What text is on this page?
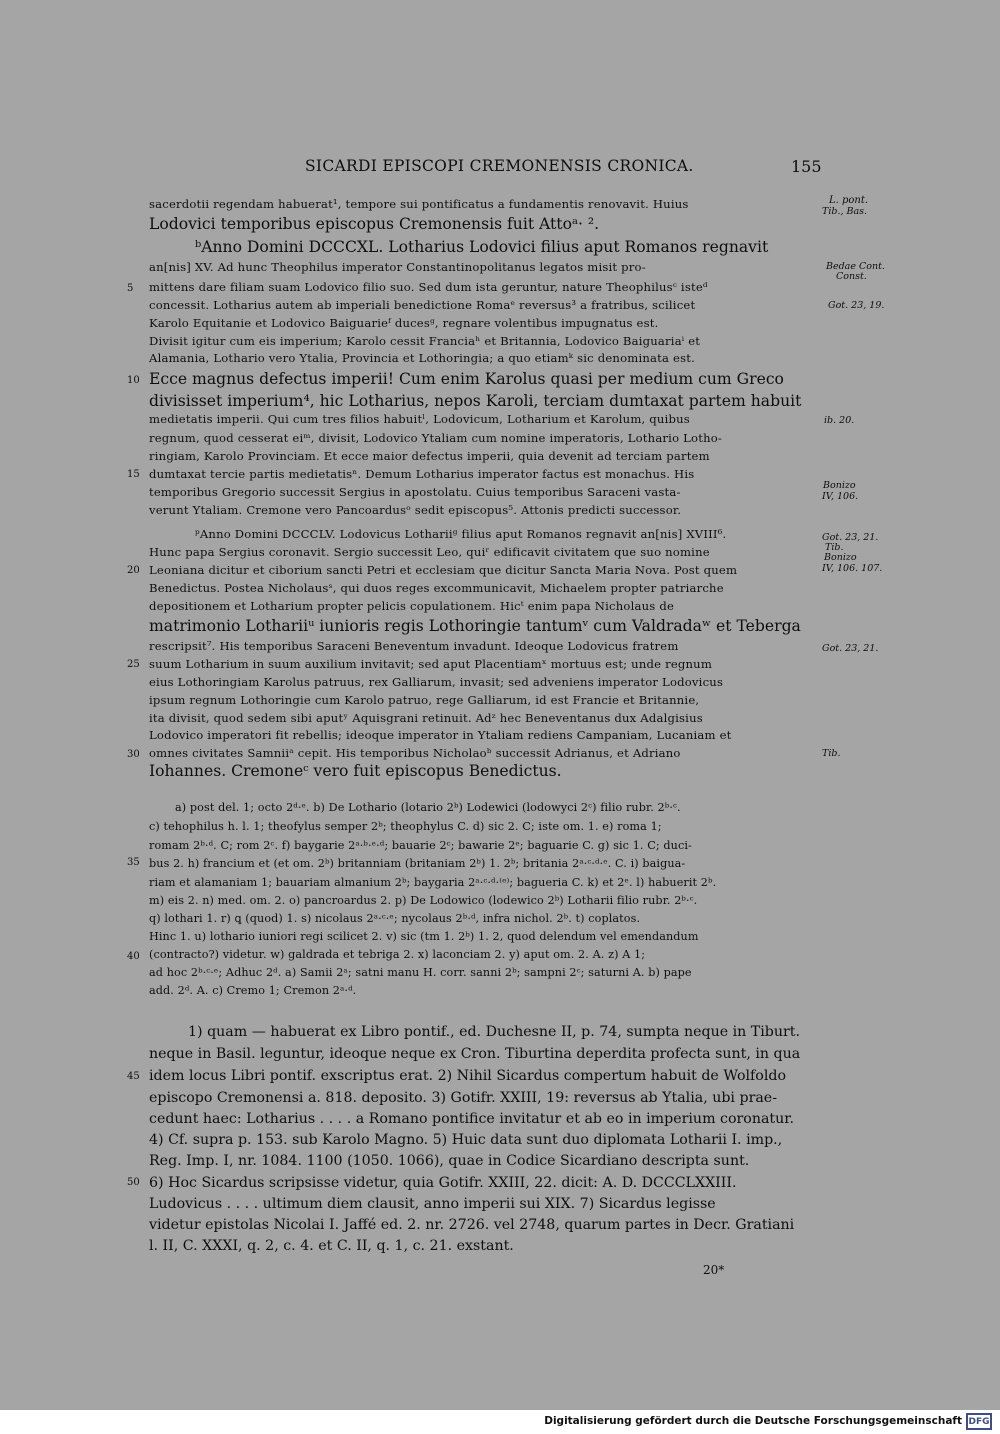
SICARDI EPISCOPI CREMONENSIS CRONICA.	155
sacerdotii regendam habuerat¹, tempore sui pontificatus a fundamentis renovavit. Huius
Lodovici temporibus episcopus Cremonensis fuit Attoᵃ· ².
ᵇAnno Domini DCCCXL. Lotharius Lodovici filius aput Romanos regnavit
an[nis] XV. Ad hunc Theophilus imperator Constantinopolitanus legatos misit pro-
mittens dare filiam suam Lodovico filio suo. Sed dum ista geruntur, nature Theophilusᶜ isteᵈ
concessit. Lotharius autem ab imperiali benedictione Romaᵉ reversus³ a fratribus, scilicet
Karolo Equitanie et Lodovico Baiguarieᶠ ducesᵍ, regnare volentibus impugnatus est.
Divisit igitur cum eis imperium; Karolo cessit Franciaʰ et Britannia, Lodovico Baiguariaⁱ et
Alamania, Lothario vero Ytalia, Provincia et Lothoringia; a quo etiamᵏ sic denominata est.
Ecce magnus defectus imperii! Cum enim Karolus quasi per medium cum Greco
divisisset imperium⁴, hic Lotharius, nepos Karoli, terciam dumtaxat partem habuit
medietatis imperii. Qui cum tres filios habuitˡ, Lodovicum, Lotharium et Karolum, quibus
regnum, quod cesserat eiᵐ, divisit, Lodovico Ytaliam cum nomine imperatoris, Lothario Lotho-
ringiam, Karolo Provinciam. Et ecce maior defectus imperii, quia devenit ad terciam partem
dumtaxat tercie partis medietatisⁿ. Demum Lotharius imperator factus est monachus. His
temporibus Gregorio successit Sergius in apostolatu. Cuius temporibus Saraceni vasta-
verunt Ytaliam. Cremone vero Pancoardusᵒ sedit episcopus⁵. Attonis predicti successor.
ᵖAnno Domini DCCCLV. Lodovicus Lothariiᵍ filius aput Romanos regnavit an[nis] XVIII⁶.
Hunc papa Sergius coronavit. Sergio successit Leo, quiʳ edificavit civitatem que suo nomine
Leoniana dicitur et ciborium sancti Petri et ecclesiam que dicitur Sancta Maria Nova. Post quem
Benedictus. Postea Nicholausˢ, qui duos reges excommunicavit, Michaelem propter patriarche
depositionem et Lotharium propter pelicis copulationem. Hicᵗ enim papa Nicholaus de
matrimonio Lothariiᵘ iunioris regis Lothoringie tantumᵛ cum Valdradaʷ et Teberga
rescripsit⁷. His temporibus Saraceni Beneventum invadunt. Ideoque Lodovicus fratrem
suum Lotharium in suum auxilium invitavit; sed aput Placentiamˣ mortuus est; unde regnum
eius Lothoringiam Karolus patruus, rex Galliarum, invasit; sed adveniens imperator Lodovicus
ipsum regnum Lothoringie cum Karolo patruo, rege Galliarum, id est Francie et Britannie,
ita divisit, quod sedem sibi aputʸ Aquisgrani retinuit. Adᶻ hec Beneventanus dux Adalgisius
Lodovico imperatori fit rebellis; ideoque imperator in Ytaliam rediens Campaniam, Lucaniam et
omnes civitates Samniiᵃ cepit. His temporibus Nicholaoᵇ successit Adrianus, et Adriano
Iohannes. Cremoneᶜ vero fuit episcopus Benedictus.
5
10
15
20
25
30
35
40
45
50
L. pont.
Tib., Bas.
Bedae Cont.
Const.
Got. 23, 19.
ib. 20.
Bonizo
IV, 106.
Got. 23, 21.
Tib.
Bonizo
IV, 106. 107.
Got. 23, 21.
Tib.
a) post del. 1; octo 2ᵈ·ᵉ. b) De Lothario (lotario 2ᵇ) Lodewici (lodowyci 2ᶜ) filio rubr. 2ᵇ·ᶜ.
c) tehophilus h. l. 1; theofylus semper 2ᵇ; theophylus C. d) sic 2. C; iste om. 1. e) roma 1;
romam 2ᵇ·ᵈ. C; rom 2ᶜ. f) baygarie 2ᵃ·ᵇ·ᵉ·ᵈ; bauarie 2ᶜ; bawarie 2ᵉ; baguarie C. g) sic 1. C; duci-
bus 2. h) francium et (et om. 2ᵇ) britanniam (britaniam 2ᵇ) 1. 2ᵇ; britania 2ᵃ·ᶜ·ᵈ·ᵉ. C. i) baigua-
riam et alamaniam 1; bauariam almanium 2ᵇ; baygaria 2ᵃ·ᶜ·ᵈ·⁽ᵉ⁾; bagueria C. k) et 2ᵉ. l) habuerit 2ᵇ.
m) eis 2. n) med. om. 2. o) pancroardus 2. p) De Lodowico (lodewico 2ᵇ) Lotharii filio rubr. 2ᵇ·ᶜ.
q) lothari 1. r) ꝗ (quod) 1. s) nicolaus 2ᵃ·ᶜ·ᵉ; nycolaus 2ᵇ·ᵈ, infra nichol. 2ᵇ. t) coplatos.
Hinc 1. u) lothario iuniori regi scilicet 2. v) sic (tm 1. 2ᵇ) 1. 2, quod delendum vel emendandum
(contracto?) videtur. w) galdrada et tebriga 2. x) laconciam 2. y) aput om. 2. A. z) A 1;
ad hoc 2ᵇ·ᶜ·ᵉ; Adhuc 2ᵈ. a) Samii 2ᵃ; satni manu H. corr. sanni 2ᵇ; sampni 2ᶜ; saturni A. b) pape
add. 2ᵈ. A. c) Cremo 1; Cremon 2ᵃ·ᵈ.
1) quam — habuerat ex Libro pontif., ed. Duchesne II, p. 74, sumpta neque in Tiburt.
neque in Basil. leguntur, ideoque neque ex Cron. Tiburtina deperdita profecta sunt, in qua
idem locus Libri pontif. exscriptus erat. 2) Nihil Sicardus compertum habuit de Wolfoldo
episcopo Cremonensi a. 818. deposito. 3) Gotifr. XXIII, 19: reversus ab Ytalia, ubi prae-
cedunt haec: Lotharius . . . . a Romano pontifice invitatur et ab eo in imperium coronatur.
4) Cf. supra p. 153. sub Karolo Magno. 5) Huic data sunt duo diplomata Lotharii I. imp.,
Reg. Imp. I, nr. 1084. 1100 (1050. 1066), quae in Codice Sicardiano descripta sunt.
6) Hoc Sicardus scripsisse videtur, quia Gotifr. XXIII, 22. dicit: A. D. DCCCLXXIII.
Ludovicus . . . . ultimum diem clausit, anno imperii sui XIX. 7) Sicardus legisse
videtur epistolas Nicolai I. Jaffé ed. 2. nr. 2726. vel 2748, quarum partes in Decr. Gratiani
l. II, C. XXXI, q. 2, c. 4. et C. II, q. 1, c. 21. exstant.
20*
Digitalisierung gefördert durch die Deutsche Forschungsgemeinschaft DFG
